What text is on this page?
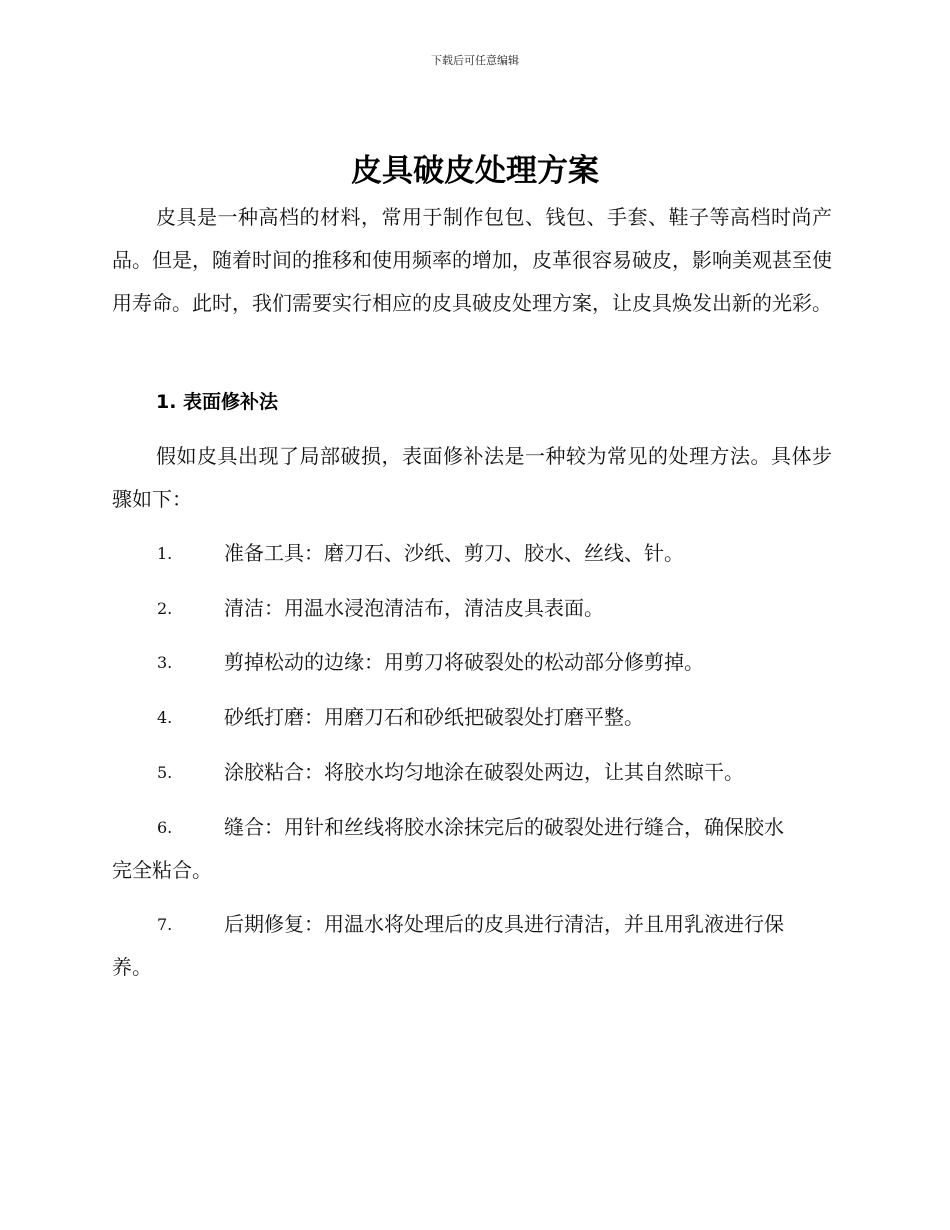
下载后可任意编辑
皮具破皮处理方案

皮具是一种高档的材料，常用于制作包包、钱包、手套、鞋子等高档时尚产品。但是，随着时间的推移和使用频率的增加，皮革很容易破皮，影响美观甚至使用寿命。此时，我们需要实行相应的皮具破皮处理方案，让皮具焕发出新的光彩。

1. 表面修补法

假如皮具出现了局部破损，表面修补法是一种较为常见的处理方法。具体步骤如下：

1.	准备工具：磨刀石、沙纸、剪刀、胶水、丝线、针。
2.	清洁：用温水浸泡清洁布，清洁皮具表面。
3.	剪掉松动的边缘：用剪刀将破裂处的松动部分修剪掉。
4.	砂纸打磨：用磨刀石和砂纸把破裂处打磨平整。
5.	涂胶粘合：将胶水均匀地涂在破裂处两边，让其自然晾干。
6.	缝合：用针和丝线将胶水涂抹完后的破裂处进行缝合，确保胶水
完全粘合。
7.	后期修复：用温水将处理后的皮具进行清洁，并且用乳液进行保
养。
